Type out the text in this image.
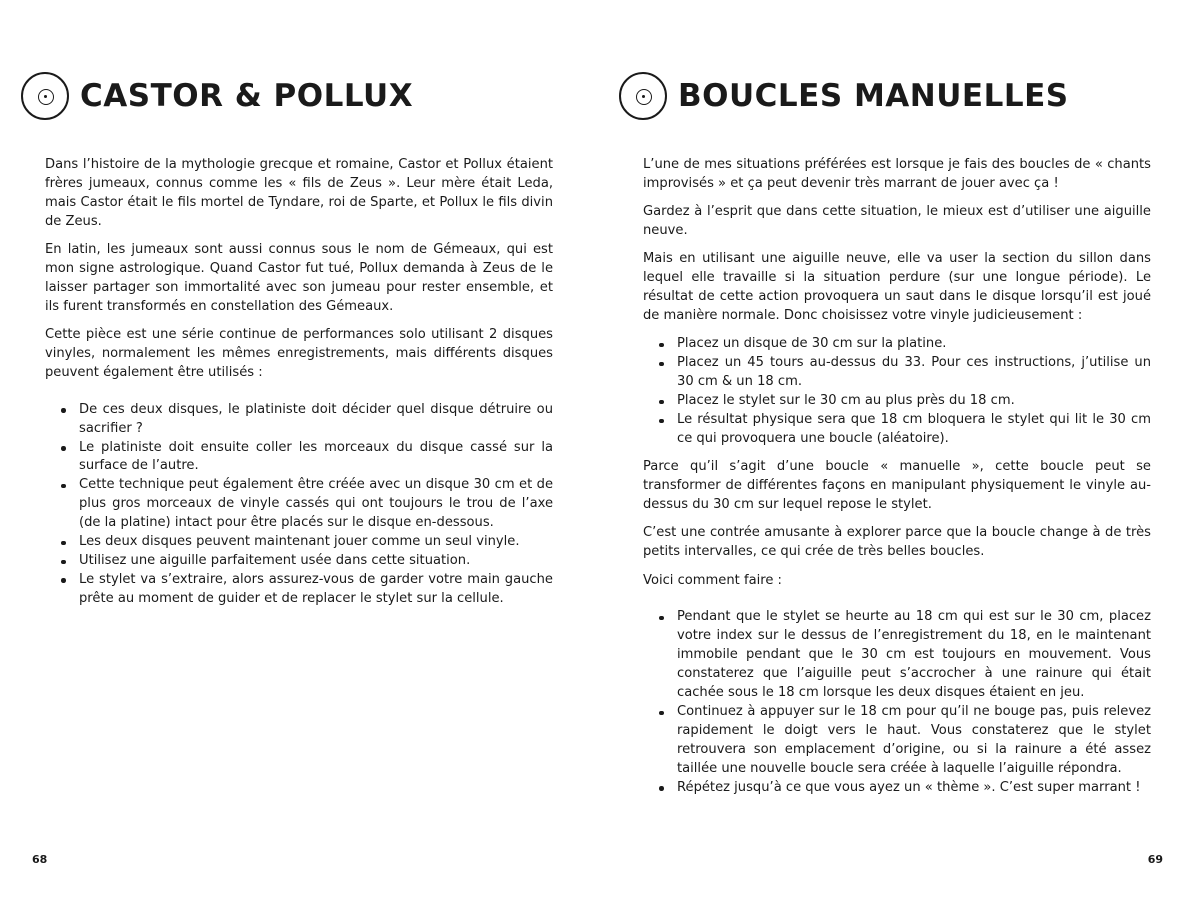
CASTOR & POLLUX

Dans l’histoire de la mythologie grecque et romaine, Castor et Pollux étaient frères jumeaux, connus comme les « fils de Zeus ». Leur mère était Leda, mais Castor était le fils mortel de Tyndare, roi de Sparte, et Pollux le fils divin de Zeus.

En latin, les jumeaux sont aussi connus sous le nom de Gémeaux, qui est mon signe astrologique. Quand Castor fut tué, Pollux demanda à Zeus de le laisser partager son immortalité avec son jumeau pour rester ensemble, et ils furent transformés en constellation des Gémeaux.

Cette pièce est une série continue de performances solo utilisant 2 disques vinyles, normalement les mêmes enregistrements, mais différents disques peuvent également être utilisés :

De ces deux disques, le platiniste doit décider quel disque détruire ou sacrifier ?
Le platiniste doit ensuite coller les morceaux du disque cassé sur la surface de l’autre.
Cette technique peut également être créée avec un disque 30 cm et de plus gros morceaux de vinyle cassés qui ont toujours le trou de l’axe (de la platine) intact pour être placés sur le disque en-dessous.
Les deux disques peuvent maintenant jouer comme un seul vinyle.
Utilisez une aiguille parfaitement usée dans cette situation.
Le stylet va s’extraire, alors assurez-vous de garder votre main gauche prête au moment de guider et de replacer le stylet sur la cellule.
68
BOUCLES MANUELLES

L’une de mes situations préférées est lorsque je fais des boucles de « chants improvisés » et ça peut devenir très marrant de jouer avec ça !

Gardez à l’esprit que dans cette situation, le mieux est d’utiliser une aiguille neuve.

Mais en utilisant une aiguille neuve, elle va user la section du sillon dans lequel elle travaille si la situation perdure (sur une longue période). Le résultat de cette action provoquera un saut dans le disque lorsqu’il est joué de manière normale. Donc choisissez votre vinyle judicieusement :

Placez un disque de 30 cm sur la platine.
Placez un 45 tours au-dessus du 33. Pour ces instructions, j’utilise un 30 cm & un 18 cm.
Placez le stylet sur le 30 cm au plus près du 18 cm.
Le résultat physique sera que 18 cm bloquera le stylet qui lit le 30 cm ce qui provoquera une boucle (aléatoire).

Parce qu’il s’agit d’une boucle « manuelle », cette boucle peut se transformer de différentes façons en manipulant physiquement le vinyle au-dessus du 30 cm sur lequel repose le stylet.

C’est une contrée amusante à explorer parce que la boucle change à de très petits intervalles, ce qui crée de très belles boucles.

Voici comment faire :

Pendant que le stylet se heurte au 18 cm qui est sur le 30 cm, placez votre index sur le dessus de l’enregistrement du 18, en le maintenant immobile pendant que le 30 cm est toujours en mouvement. Vous constaterez que l’aiguille peut s’accrocher à une rainure qui était cachée sous le 18 cm lorsque les deux disques étaient en jeu.
Continuez à appuyer sur le 18 cm pour qu’il ne bouge pas, puis relevez rapidement le doigt vers le haut. Vous constaterez que le stylet retrouvera son emplacement d’origine, ou si la rainure a été assez taillée une nouvelle boucle sera créée à laquelle l’aiguille répondra.
Répétez jusqu’à ce que vous ayez un « thème ». C’est super marrant !
69
